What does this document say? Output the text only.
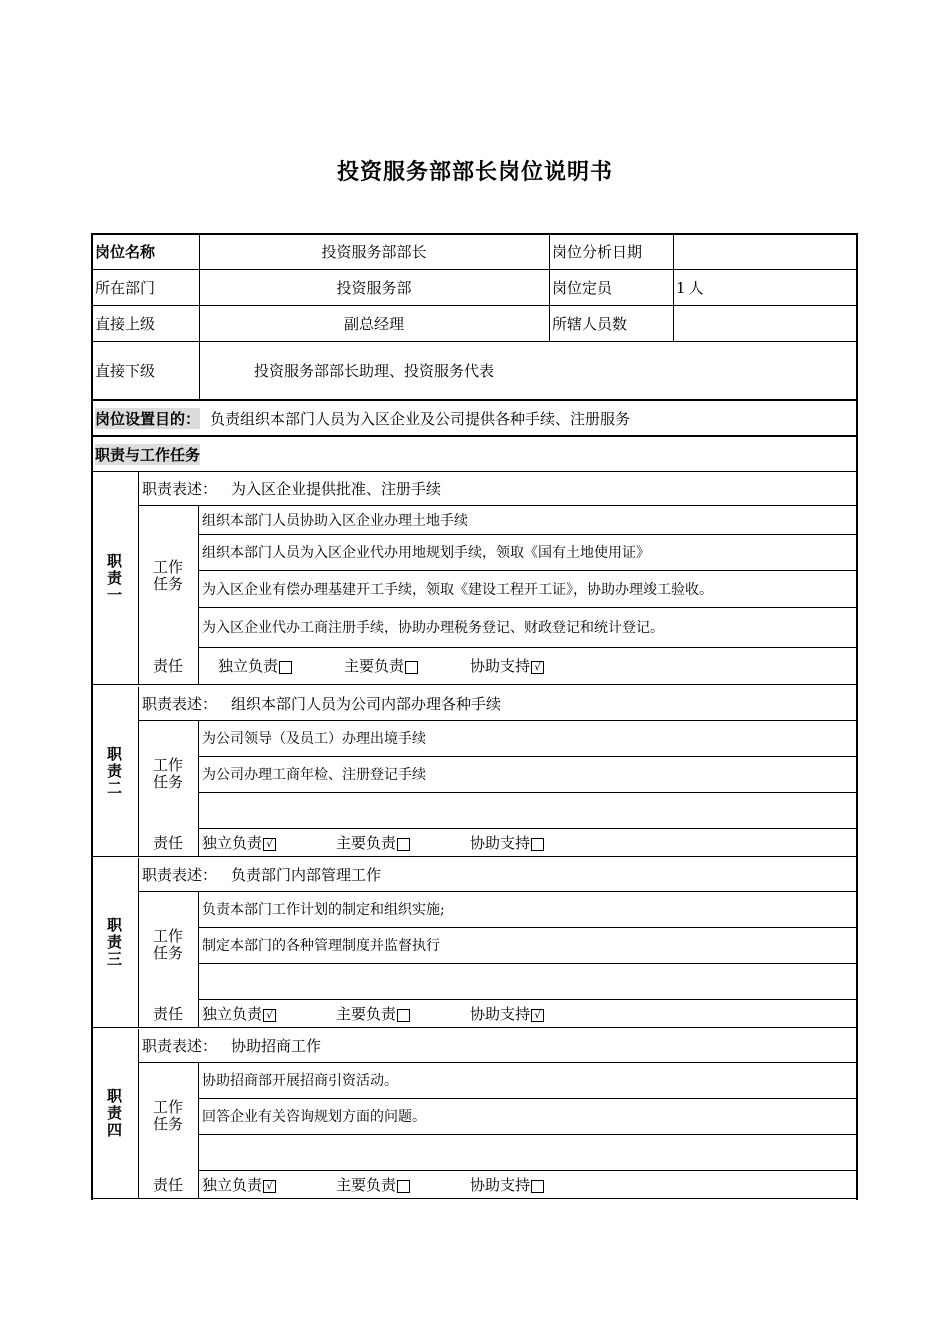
投资服务部部长岗位说明书
岗位名称	投资服务部部长	岗位分析日期
所在部门	投资服务部	岗位定员	1人
直接上级	副总经理	所辖人员数
直接下级	投资服务部部长助理、投资服务代表
岗位设置目的： 负责组织本部门人员为入区企业及公司提供各种手续、注册服务
职责与工作任务
职责一
职责表述： 为入区企业提供批准、注册手续
工作
任务
组织本部门人员协助入区企业办理土地手续
组织本部门人员为入区企业代办用地规划手续，领取《国有土地使用证》
为入区企业有偿办理基建开工手续，领取《建设工程开工证》，协助办理竣工验收。
为入区企业代办工商注册手续，协助办理税务登记、财政登记和统计登记。
责任	独立负责	主要负责	协助支持 √
职责二
职责表述： 组织本部门人员为公司内部办理各种手续
工作
任务
为公司领导（及员工）办理出境手续
为公司办理工商年检、注册登记手续
责任	独立负责 √	主要负责	协助支持
职责三
职责表述： 负责部门内部管理工作
工作
任务
负责本部门工作计划的制定和组织实施;
制定本部门的各种管理制度并监督执行
责任	独立负责 √	主要负责	协助支持 √
职责四
职责表述： 协助招商工作
工作
任务
协助招商部开展招商引资活动。
回答企业有关咨询规划方面的问题。
责任	独立负责 √	主要负责	协助支持
